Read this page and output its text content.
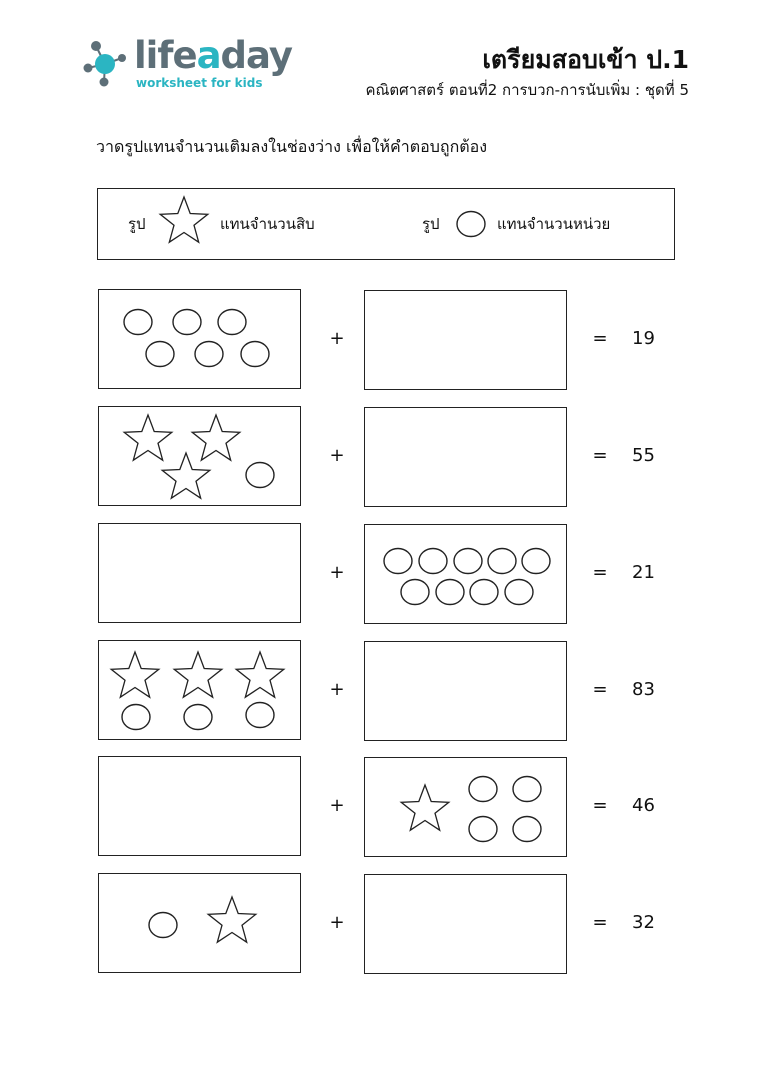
lifeaday
worksheet for kids
เตรียมสอบเข้า ป.1
คณิตศาสตร์ ตอนที่2 การบวก-การนับเพิ่ม : ชุดที่ 5
วาดรูปแทนจำนวนเติมลงในช่องว่าง เพื่อให้คำตอบถูกต้อง
รูป	แทนจำนวนสิบ	รูป	แทนจำนวนหน่วย
+	= 19
+	= 55
+	= 21
+	= 83
+	= 46
+	= 32
